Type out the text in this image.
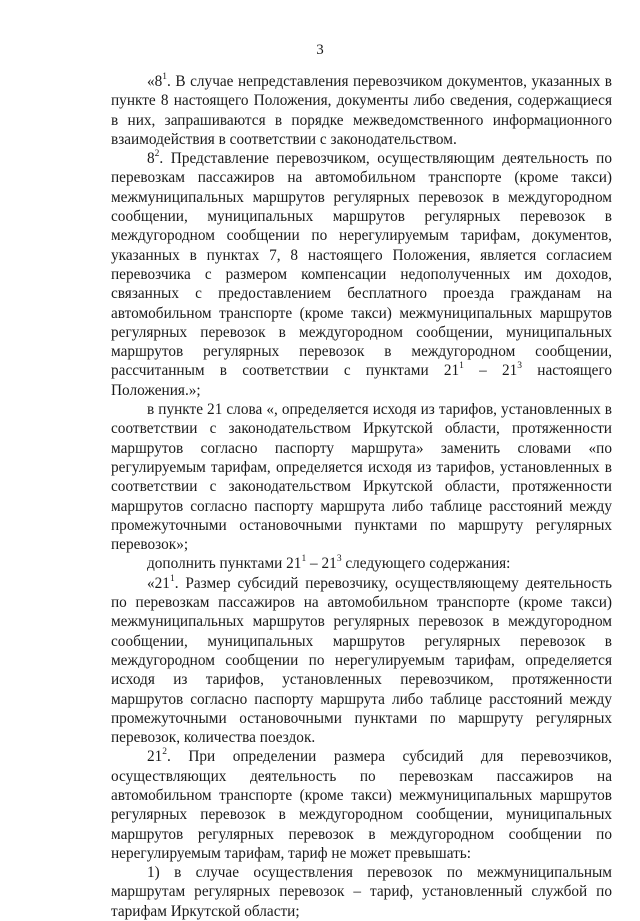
3

«$8^1$. В случае непредставления перевозчиком документов, указанных в пункте 8 настоящего Положения, документы либо сведения, содержащиеся в них, запрашиваются в порядке межведомственного информационного взаимодействия в соответствии с законодательством.

$8^2$. Представление перевозчиком, осуществляющим деятельность по перевозкам пассажиров на автомобильном транспорте (кроме такси) межмуниципальных маршрутов регулярных перевозок в междугородном сообщении, муниципальных маршрутов регулярных перевозок в междугородном сообщении по нерегулируемым тарифам, документов, указанных в пунктах 7, 8 настоящего Положения, является согласием перевозчика с размером компенсации недополученных им доходов, связанных с предоставлением бесплатного проезда гражданам на автомобильном транспорте (кроме такси) межмуниципальных маршрутов регулярных перевозок в междугородном сообщении, муниципальных маршрутов регулярных перевозок в междугородном сообщении, рассчитанным в соответствии с пунктами $21^1 - 21^3$ настоящего Положения.»;

в пункте 21 слова «, определяется исходя из тарифов, установленных в соответствии с законодательством Иркутской области, протяженности маршрутов согласно паспорту маршрута» заменить словами «по регулируемым тарифам, определяется исходя из тарифов, установленных в соответствии с законодательством Иркутской области, протяженности маршрутов согласно паспорту маршрута либо таблице расстояний между промежуточными остановочными пунктами по маршруту регулярных перевозок»;

дополнить пунктами $21^1 - 21^3$ следующего содержания:

«$21^1$. Размер субсидий перевозчику, осуществляющему деятельность по перевозкам пассажиров на автомобильном транспорте (кроме такси) межмуниципальных маршрутов регулярных перевозок в междугородном сообщении, муниципальных маршрутов регулярных перевозок в междугородном сообщении по нерегулируемым тарифам, определяется исходя из тарифов, установленных перевозчиком, протяженности маршрутов согласно паспорту маршрута либо таблице расстояний между промежуточными остановочными пунктами по маршруту регулярных перевозок, количества поездок.

$21^2$. При определении размера субсидий для перевозчиков, осуществляющих деятельность по перевозкам пассажиров на автомобильном транспорте (кроме такси) межмуниципальных маршрутов регулярных перевозок в междугородном сообщении, муниципальных маршрутов регулярных перевозок в междугородном сообщении по нерегулируемым тарифам, тариф не может превышать:

1) в случае осуществления перевозок по межмуниципальным маршрутам регулярных перевозок – тариф, установленный службой по тарифам Иркутской области;
